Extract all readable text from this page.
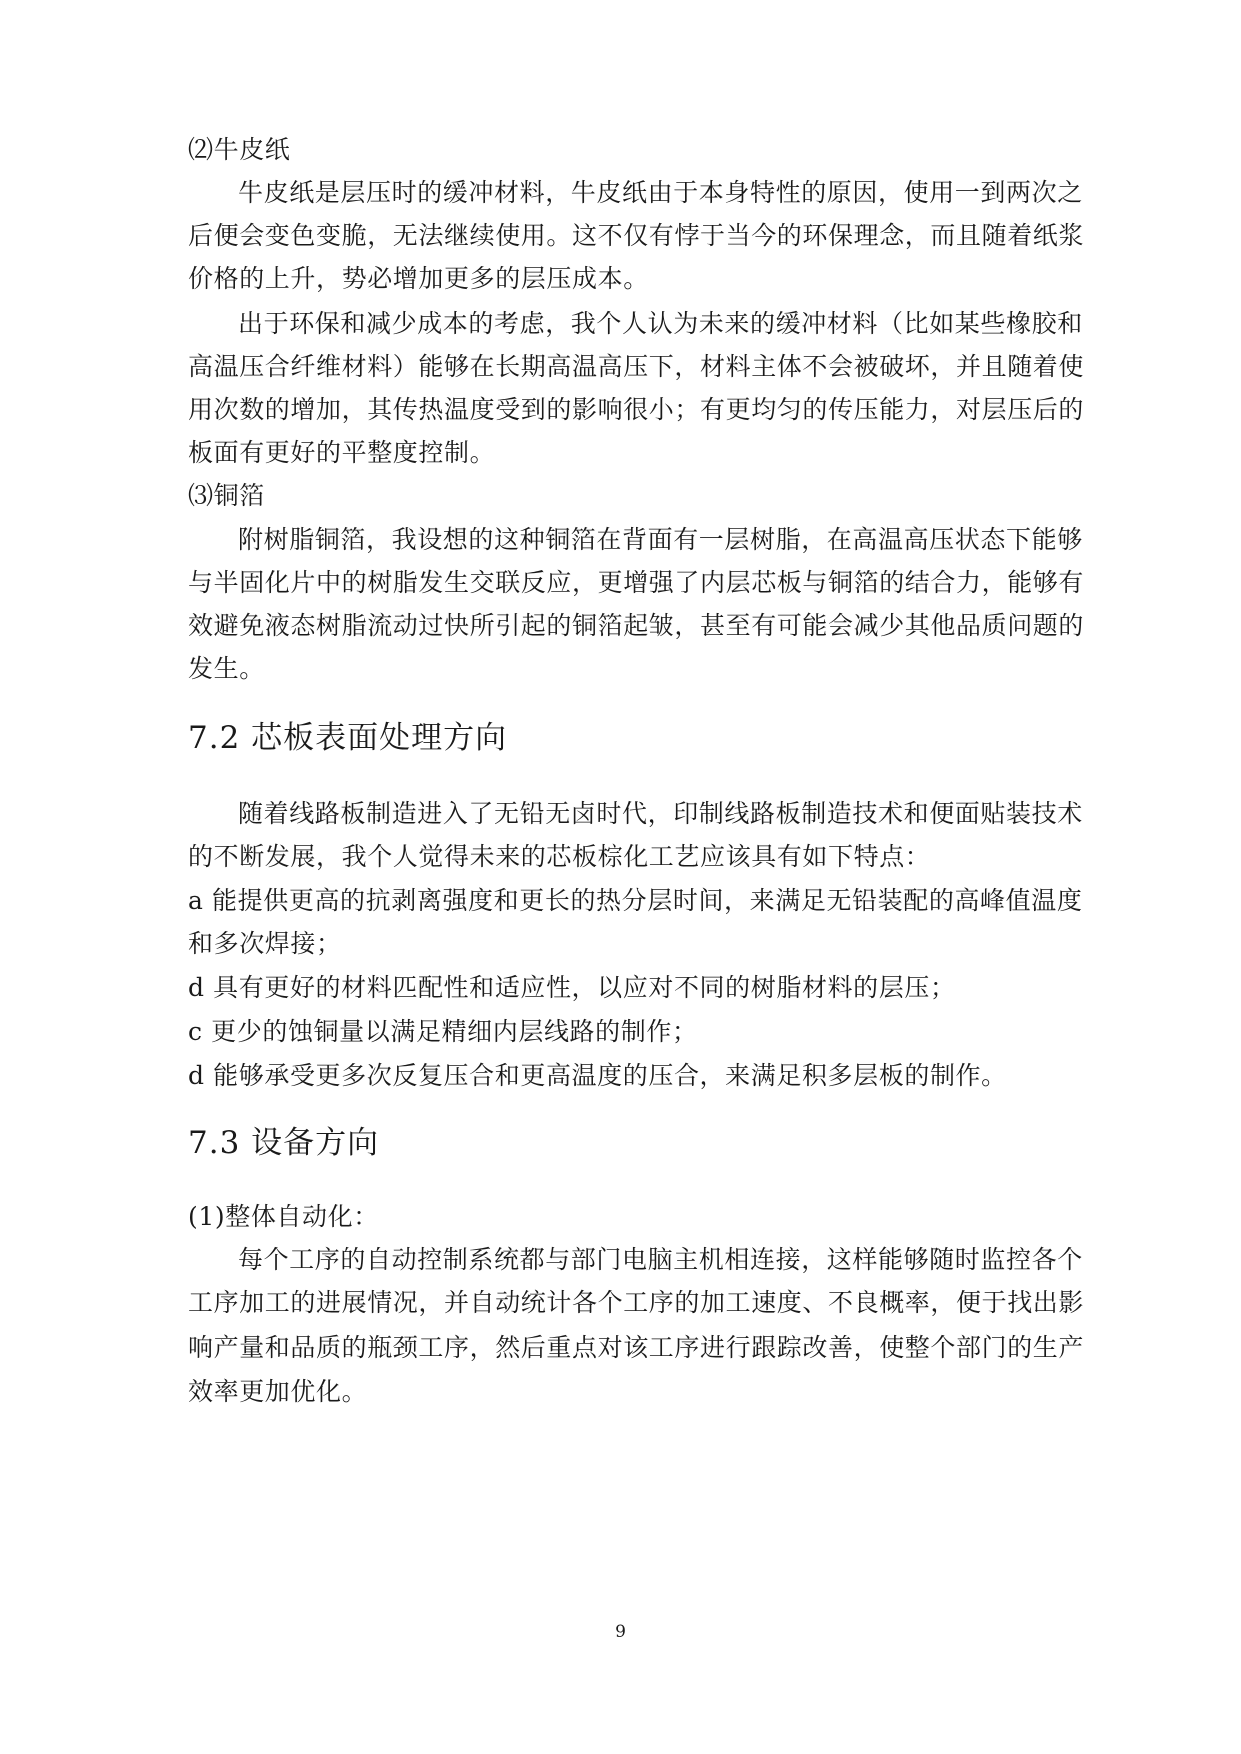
⑵牛皮纸
牛皮纸是层压时的缓冲材料，牛皮纸由于本身特性的原因，使用一到两次之
后便会变色变脆，无法继续使用。这不仅有悖于当今的环保理念，而且随着纸浆
价格的上升，势必增加更多的层压成本。
出于环保和减少成本的考虑，我个人认为未来的缓冲材料（比如某些橡胶和
高温压合纤维材料）能够在长期高温高压下，材料主体不会被破坏，并且随着使
用次数的增加，其传热温度受到的影响很小；有更均匀的传压能力，对层压后的
板面有更好的平整度控制。
⑶铜箔
附树脂铜箔，我设想的这种铜箔在背面有一层树脂，在高温高压状态下能够
与半固化片中的树脂发生交联反应，更增强了内层芯板与铜箔的结合力，能够有
效避免液态树脂流动过快所引起的铜箔起皱，甚至有可能会减少其他品质问题的
发生。
7.2 芯板表面处理方向
随着线路板制造进入了无铅无卤时代，印制线路板制造技术和便面贴装技术
的不断发展，我个人觉得未来的芯板棕化工艺应该具有如下特点：
a 能提供更高的抗剥离强度和更长的热分层时间，来满足无铅装配的高峰值温度
和多次焊接；
d 具有更好的材料匹配性和适应性，以应对不同的树脂材料的层压；
c 更少的蚀铜量以满足精细内层线路的制作；
d 能够承受更多次反复压合和更高温度的压合，来满足积多层板的制作。
7.3 设备方向
(1)整体自动化：
每个工序的自动控制系统都与部门电脑主机相连接，这样能够随时监控各个
工序加工的进展情况，并自动统计各个工序的加工速度、不良概率，便于找出影
响产量和品质的瓶颈工序，然后重点对该工序进行跟踪改善，使整个部门的生产
效率更加优化。
9
